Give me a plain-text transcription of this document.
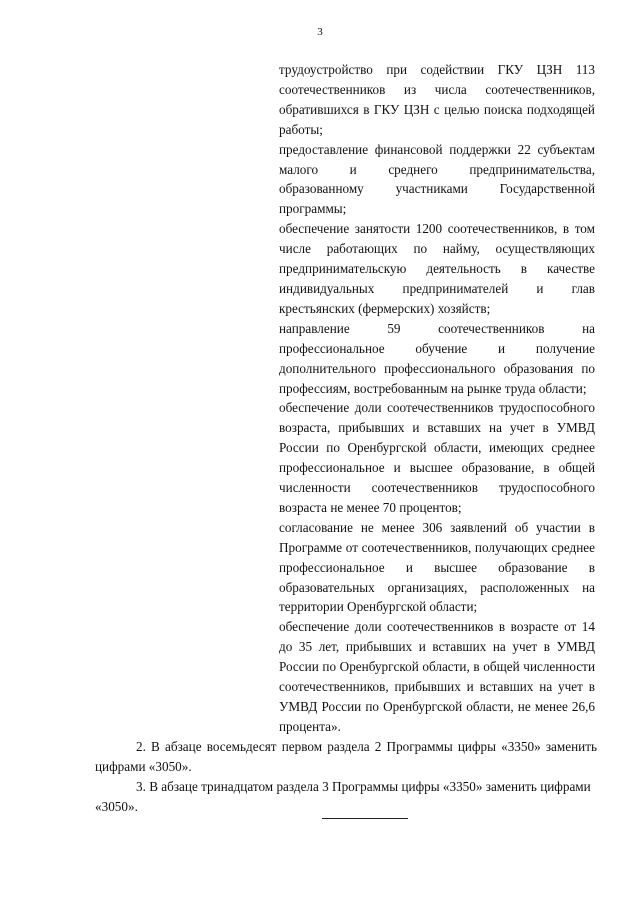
3

трудоустройство при содействии ГКУ ЦЗН 113 соотечественников из числа соотечественников, обратившихся в ГКУ ЦЗН с целью поиска подходящей работы;

предоставление финансовой поддержки 22 субъектам малого и среднего предпринимательства, образованному участниками Государственной программы;

обеспечение занятости 1200 соотечественников, в том числе работающих по найму, осуществляющих предпринимательскую деятельность в качестве индивидуальных предпринимателей и глав крестьянских (фермерских) хозяйств;

направление 59 соотечественников на профессиональное обучение и получение дополнительного профессионального образования по профессиям, востребованным на рынке труда области;

обеспечение доли соотечественников трудоспособного возраста, прибывших и вставших на учет в УМВД России по Оренбургской области, имеющих среднее профессиональное и высшее образование, в общей численности соотечественников трудоспособного возраста не менее 70 процентов;

согласование не менее 306 заявлений об участии в Программе от соотечественников, получающих среднее профессиональное и высшее образование в образовательных организациях, расположенных на территории Оренбургской области;

обеспечение доли соотечественников в возрасте от 14 до 35 лет, прибывших и вставших на учет в УМВД России по Оренбургской области, в общей численности соотечественников, прибывших и вставших на учет в УМВД России по Оренбургской области, не менее 26,6 процента».

2. В абзаце восемьдесят первом раздела 2 Программы цифры «3350» заменить цифрами «3050».

3. В абзаце тринадцатом раздела 3 Программы цифры «3350» заменить цифрами «3050».
